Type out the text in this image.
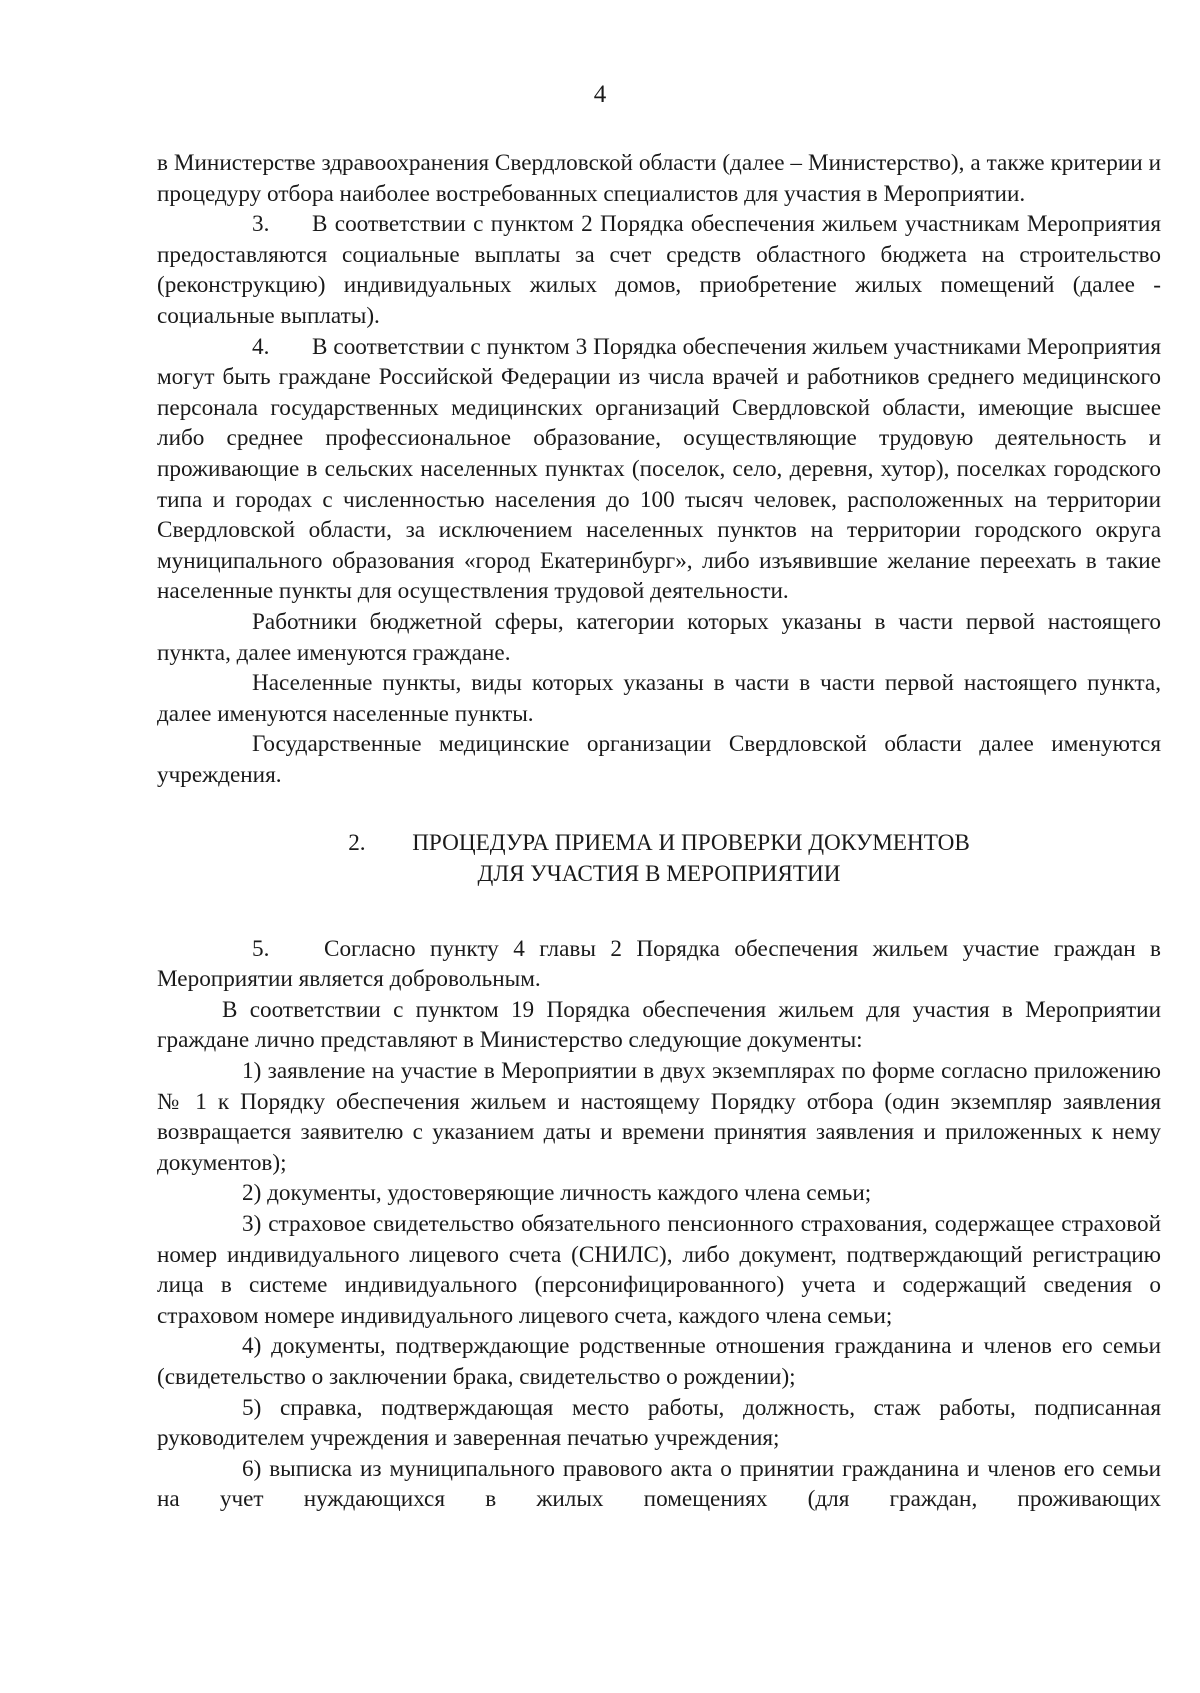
4

в Министерстве здравоохранения Свердловской области (далее – Министерство), а также критерии и процедуру отбора наиболее востребованных специалистов для участия в Мероприятии.

3. В соответствии с пунктом 2 Порядка обеспечения жильем участникам Мероприятия предоставляются социальные выплаты за счет средств областного бюджета на строительство (реконструкцию) индивидуальных жилых домов, приобретение жилых помещений (далее - социальные выплаты).

4. В соответствии с пунктом 3 Порядка обеспечения жильем участниками Мероприятия могут быть граждане Российской Федерации из числа врачей и работников среднего медицинского персонала государственных медицинских организаций Свердловской области, имеющие высшее либо среднее профессиональное образование, осуществляющие трудовую деятельность и проживающие в сельских населенных пунктах (поселок, село, деревня, хутор), поселках городского типа и городах с численностью населения до 100 тысяч человек, расположенных на территории Свердловской области, за исключением населенных пунктов на территории городского округа муниципального образования «город Екатеринбург», либо изъявившие желание переехать в такие населенные пункты для осуществления трудовой деятельности.

Работники бюджетной сферы, категории которых указаны в части первой настоящего пункта, далее именуются граждане.

Населенные пункты, виды которых указаны в части в части первой настоящего пункта, далее именуются населенные пункты.

Государственные медицинские организации Свердловской области далее именуются учреждения.

2. ПРОЦЕДУРА ПРИЕМА И ПРОВЕРКИ ДОКУМЕНТОВ
ДЛЯ УЧАСТИЯ В МЕРОПРИЯТИИ

5. Согласно пункту 4 главы 2 Порядка обеспечения жильем участие граждан в Мероприятии является добровольным.

В соответствии с пунктом 19 Порядка обеспечения жильем для участия в Мероприятии граждане лично представляют в Министерство следующие документы:

1) заявление на участие в Мероприятии в двух экземплярах по форме согласно приложению № 1 к Порядку обеспечения жильем и настоящему Порядку отбора (один экземпляр заявления возвращается заявителю с указанием даты и времени принятия заявления и приложенных к нему документов);

2) документы, удостоверяющие личность каждого члена семьи;

3) страховое свидетельство обязательного пенсионного страхования, содержащее страховой номер индивидуального лицевого счета (СНИЛС), либо документ, подтверждающий регистрацию лица в системе индивидуального (персонифицированного) учета и содержащий сведения о страховом номере индивидуального лицевого счета, каждого члена семьи;

4) документы, подтверждающие родственные отношения гражданина и членов его семьи (свидетельство о заключении брака, свидетельство о рождении);

5) справка, подтверждающая место работы, должность, стаж работы, подписанная руководителем учреждения и заверенная печатью учреждения;

6) выписка из муниципального правового акта о принятии гражданина и членов его семьи на учет нуждающихся в жилых помещениях (для граждан, проживающих
